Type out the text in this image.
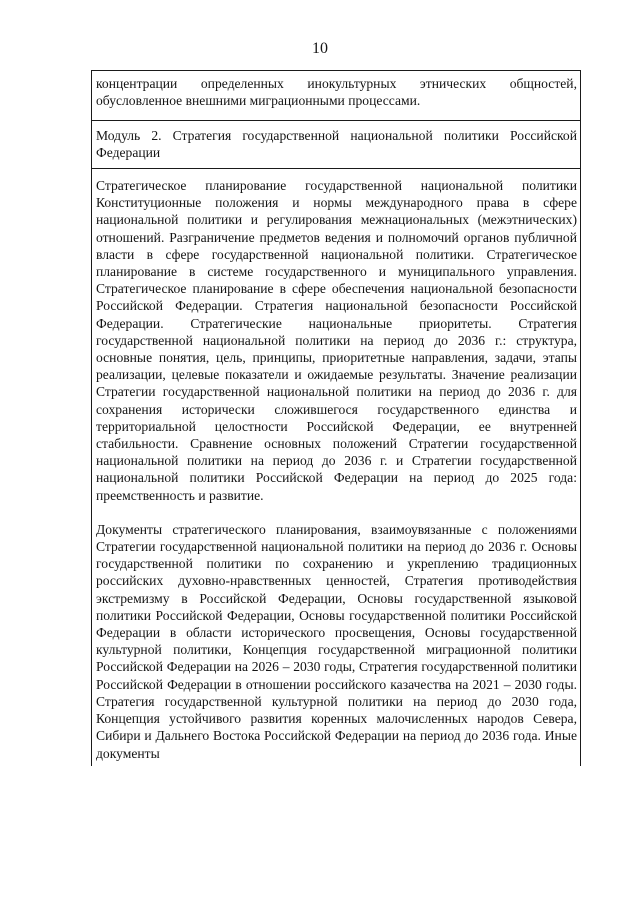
10

концентрации определенных инокультурных этнических общностей, обусловленное внешними миграционными процессами.

Модуль 2. Стратегия государственной национальной политики Российской Федерации

Стратегическое планирование государственной национальной политики Конституционные положения и нормы международного права в сфере национальной политики и регулирования межнациональных (межэтнических) отношений. Разграничение предметов ведения и полномочий органов публичной власти в сфере государственной национальной политики. Стратегическое планирование в системе государственного и муниципального управления. Стратегическое планирование в сфере обеспечения национальной безопасности Российской Федерации. Стратегия национальной безопасности Российской Федерации. Стратегические национальные приоритеты. Стратегия государственной национальной политики на период до 2036 г.: структура, основные понятия, цель, принципы, приоритетные направления, задачи, этапы реализации, целевые показатели и ожидаемые результаты. Значение реализации Стратегии государственной национальной политики на период до 2036 г. для сохранения исторически сложившегося государственного единства и территориальной целостности Российской Федерации, ее внутренней стабильности. Сравнение основных положений Стратегии государственной национальной политики на период до 2036 г. и Стратегии государственной национальной политики Российской Федерации на период до 2025 года: преемственность и развитие.

Документы стратегического планирования, взаимоувязанные с положениями Стратегии государственной национальной политики на период до 2036 г. Основы государственной политики по сохранению и укреплению традиционных российских духовно-нравственных ценностей, Стратегия противодействия экстремизму в Российской Федерации, Основы государственной языковой политики Российской Федерации, Основы государственной политики Российской Федерации в области исторического просвещения, Основы государственной культурной политики, Концепция государственной миграционной политики Российской Федерации на 2026 – 2030 годы, Стратегия государственной политики Российской Федерации в отношении российского казачества на 2021 – 2030 годы. Стратегия государственной культурной политики на период до 2030 года, Концепция устойчивого развития коренных малочисленных народов Севера, Сибири и Дальнего Востока Российской Федерации на период до 2036 года. Иные документы
